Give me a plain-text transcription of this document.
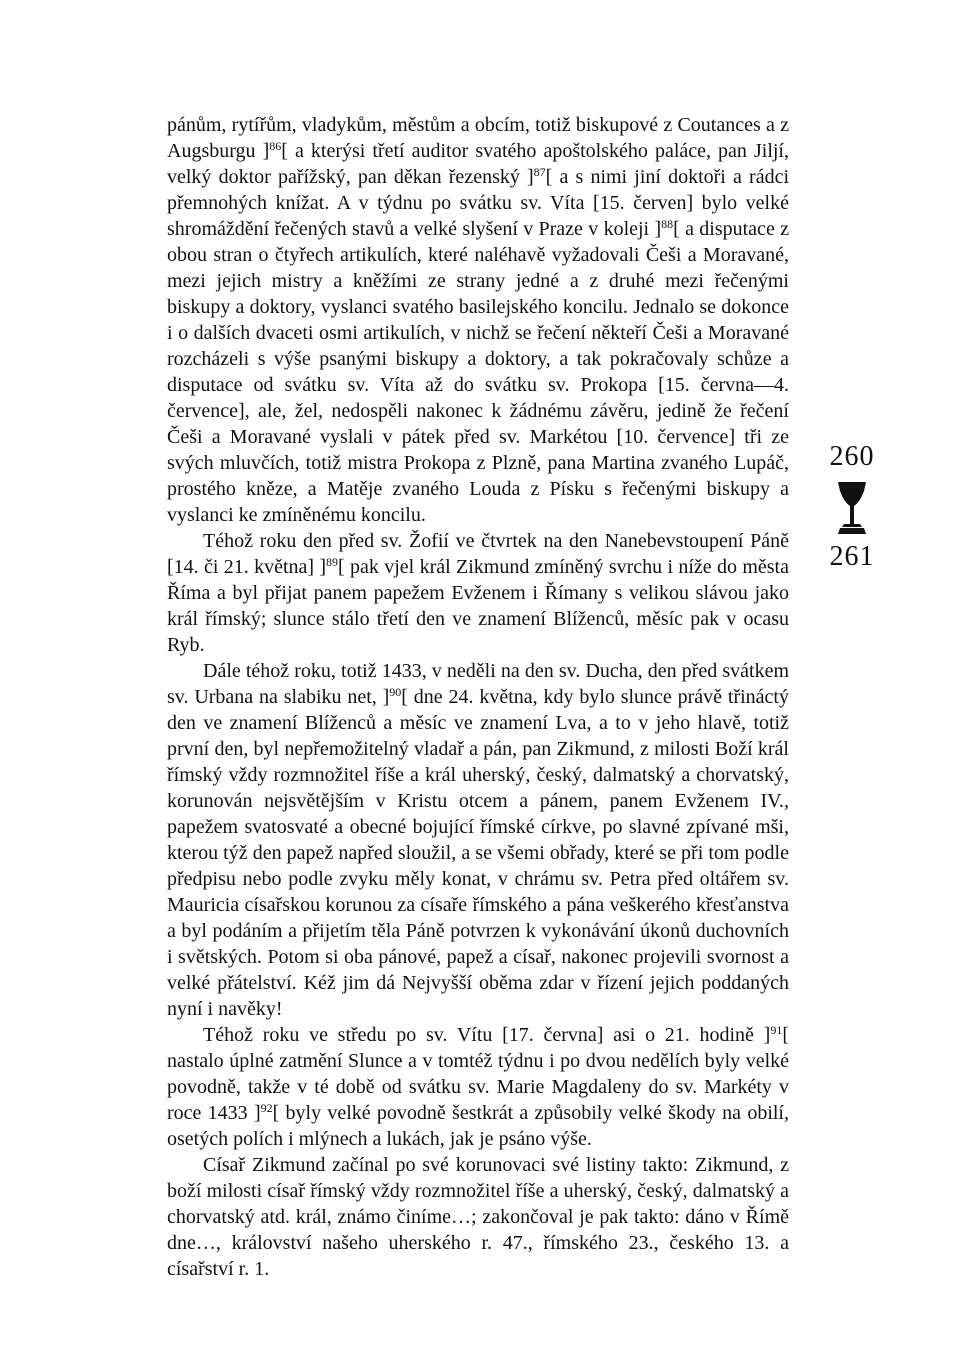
pánům, rytířům, vladykům, městům a obcím, totiž biskupové z Coutances a z Augsburgu ]$^{86}$[ a kterýsi třetí auditor svatého apoštolského paláce, pan Jiljí, velký doktor pařížský, pan děkan řezenský ]$^{87}$[ a s nimi jiní doktoři a rádci přemnohých knížat. A v týdnu po svátku sv. Víta [15. červen] bylo velké shromáždění řečených stavů a velké slyšení v Praze v koleji ]$^{88}$[ a disputace z obou stran o čtyřech artikulích, které naléhavě vyžadovali Češi a Moravané, mezi jejich mistry a kněžími ze strany jedné a z druhé mezi řečenými biskupy a doktory, vyslanci svatého basilejského koncilu. Jednalo se dokonce i o dalších dvaceti osmi artikulích, v nichž se řečení někteří Češi a Moravané rozcházeli s výše psanými biskupy a doktory, a tak pokračovaly schůze a disputace od svátku sv. Víta až do svátku sv. Prokopa [15. června—4. července], ale, žel, nedospěli nakonec k žádnému závěru, jedině že řečení Češi a Moravané vyslali v pátek před sv. Markétou [10. července] tři ze svých mluvčích, totiž mistra Prokopa z Plzně, pana Martina zvaného Lupáč, prostého kněze, a Matěje zvaného Louda z Písku s řečenými biskupy a vyslanci ke zmíněnému koncilu.

Téhož roku den před sv. Žofií ve čtvrtek na den Nanebevstoupení Páně [14. či 21. května] ]$^{89}$[ pak vjel král Zikmund zmíněný svrchu i níže do města Říma a byl přijat panem papežem Evženem i Římany s velikou slávou jako král římský; slunce stálo třetí den ve znamení Blíženců, měsíc pak v ocasu Ryb.

Dále téhož roku, totiž 1433, v neděli na den sv. Ducha, den před svátkem sv. Urbana na slabiku net, ]$^{90}$[ dne 24. května, kdy bylo slunce právě třináctý den ve znamení Blíženců a měsíc ve znamení Lva, a to v jeho hlavě, totiž první den, byl nepřemožitelný vladař a pán, pan Zikmund, z milosti Boží král římský vždy rozmnožitel říše a král uherský, český, dalmatský a chorvatský, korunován nejsvětějším v Kristu otcem a pánem, panem Evženem IV., papežem svatosvaté a obecné bojující římské církve, po slavné zpívané mši, kterou týž den papež napřed sloužil, a se všemi obřady, které se při tom podle předpisu nebo podle zvyku měly konat, v chrámu sv. Petra před oltářem sv. Mauricia císařskou korunou za císaře římského a pána veškerého křesťanstva a byl podáním a přijetím těla Páně potvrzen k vykonávání úkonů duchovních i světských. Potom si oba pánové, papež a císař, nakonec projevili svornost a velké přátelství. Kéž jim dá Nejvyšší oběma zdar v řízení jejich poddaných nyní i navěky!

Téhož roku ve středu po sv. Vítu [17. června] asi o 21. hodině ]$^{91}$[ nastalo úplné zatmění Slunce a v tomtéž týdnu i po dvou nedělích byly velké povodně, takže v té době od svátku sv. Marie Magdaleny do sv. Markéty v roce 1433 ]$^{92}$[ byly velké povodně šestkrát a způsobily velké škody na obilí, osetých polích i mlýnech a lukách, jak je psáno výše.

Císař Zikmund začínal po své korunovaci své listiny takto: Zikmund, z boží milosti císař římský vždy rozmnožitel říše a uherský, český, dalmatský a chorvatský atd. král, známo činíme…; zakončoval je pak takto: dáno v Římě dne…, království našeho uherského r. 47., římského 23., českého 13. a císařství r. 1.

260
261
